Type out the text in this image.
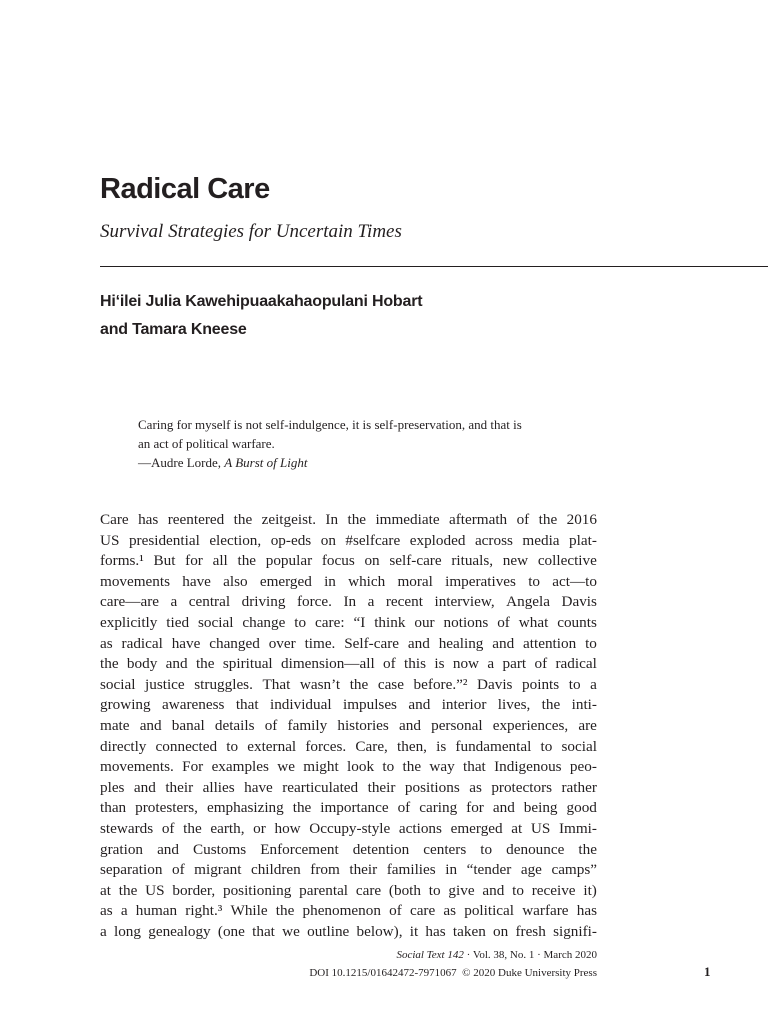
Radical Care
Survival Strategies for Uncertain Times
Hi‘ilei Julia Kawehipuaakahaopulani Hobart
and Tamara Kneese
Caring for myself is not self-indulgence, it is self-preservation, and that is
an act of political warfare.
—Audre Lorde, A Burst of Light
Care has reentered the zeitgeist. In the immediate aftermath of the 2016
US presidential election, op-eds on #selfcare exploded across media plat-
forms.¹ But for all the popular focus on self-care rituals, new collective
movements have also emerged in which moral imperatives to act—to
care—are a central driving force. In a recent interview, Angela Davis
explicitly tied social change to care: “I think our notions of what counts
as radical have changed over time. Self-care and healing and attention to
the body and the spiritual dimension—all of this is now a part of radical
social justice struggles. That wasn’t the case before.”² Davis points to a
growing awareness that individual impulses and interior lives, the inti-
mate and banal details of family histories and personal experiences, are
directly connected to external forces. Care, then, is fundamental to social
movements. For examples we might look to the way that Indigenous peo-
ples and their allies have rearticulated their positions as protectors rather
than protesters, emphasizing the importance of caring for and being good
stewards of the earth, or how Occupy-style actions emerged at US Immi-
gration and Customs Enforcement detention centers to denounce the
separation of migrant children from their families in “tender age camps”
at the US border, positioning parental care (both to give and to receive it)
as a human right.³ While the phenomenon of care as political warfare has
a long genealogy (one that we outline below), it has taken on fresh signifi-
Social Text 142 · Vol. 38, No. 1 · March 2020
DOI 10.1215/01642472-7971067 © 2020 Duke University Press	1
